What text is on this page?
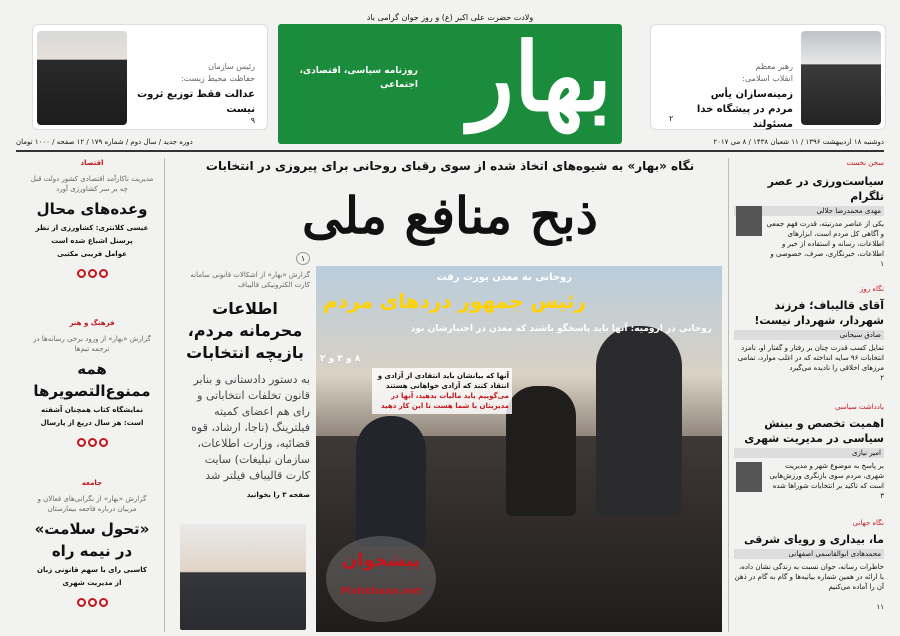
ولادت حضرت علی اکبر (ع) و روز جوان گرامی باد
بهار
روزنامه سیاسی، اقتصادی، اجتماعی
رهبر معظم
انقلاب اسلامی:
زمینه‌سازان یأس مردم در پیشگاه خدا مسئولند
۲
رئیس سازمان
حفاظت محیط زیست:
عدالت فقط توزیع ثروت نیست
۹
دوشنبه ۱۸ اردیبهشت ۱۳۹۶ / ۱۱ شعبان ۱۴۳۸ / ۸ می ۲۰۱۷
دوره جدید / سال دوم / شماره ۱۷۹ / ۱۲ صفحه / ۱۰۰۰ تومان
نگاه «بهار» به شیوه‌های اتخاذ شده از سوی رقبای روحانی برای پیروزی در انتخابات
ذبح منافع ملی
روحانی به معدن یورت رفت
رئیس جمهور دردهای مردم
روحانی در ارومیه: آنها باید پاسخگو باشند که معدن در اختیارشان بود
آنها که بیانشان باید انتقادی از آزادی و
انتقاد کنند که آزادی خواهانی هستند
می‌گوییم باید مالیات بدهید، آنها در
مدیریتان با شما هست تا این کار دهید
۸ و ۳ و ۲
پیشخوان
Pishkhaan.net
۱
گزارش «بهار» از اشکالات قانونی سامانه کارت الکترونیکی قالیباف
اطلاعات محرمانه مردم، بازیچه انتخابات
به دستور دادستانی و بنابر قانون تخلفات انتخاباتی و رای هم اعضای کمیته فیلترینگ (ناجا، ارشاد، قوه قضائیه، وزارت اطلاعات، سازمان تبلیغات) سایت کارت قالیباف فیلتر شد
صفحه ۳ را بخوانید
اقتصاد
مدیریت ناکارآمد اقتصادی کشور دولت قبل چه بر سر کشاورزی آورد
وعده‌های محال
عیسی کلانتری: کشاورزی از نظر
پرسنل اشباع شده است
عوامل فریبی مکتبی
فرهنگ و هنر
گزارش «بهار» از ورود برخی رسانه‌ها در ترجمه تیم‌ها
همه ممنوع‌التصویرها
نمایشگاه کتاب همچنان آشفته
است: هر سال دریغ از پارسال
جامعه
گزارش «بهار» از نگرانی‌های فعالان و مربیان درباره فاجعه بیمارستان
«تحول سلامت» در نیمه راه
کاسبی رای با سهم قانونی زبان
از مدیریت شهری
سخن نخست
سیاست‌ورزی در عصر تلگرام
مهدی محمدرضا جلالی
یکی از عناصر مدرنیته، قدرت فهم جمعی و آگاهی کل مردم است، ابزارهای اطلاعات، رسانه و استفاده از خبر و اطلاعات، خبرنگاری، صرف، خصوصی و
۱
نگاه روز
آقای قالیباف؛ فرزند شهردار، شهردار نیست!
صادق سبحانی
تمایل کسب قدرت چنان بر رفتار و گفتار او، نامزد انتخابات ۹۶ سایه انداخته که در اغلب موارد، تمامی مرزهای اخلاقی را نادیده می‌گیرد
۲
یادداشت سیاسی
اهمیت تخصص و بینش سیاسی در مدیریت شهری
امیر نیازی
بر پاسخ به موضوع شهر و مدیریت شهری، مردم سوی بازنگری ورزش‌هایی است که تاکید بر انتخابات شوراها شده
۳
نگاه جهانی
ما، بیداری و رویای شرقی
محمدهادی ابوالقاسمی اصفهانی
خاطرات رسانه، جوان نسبت به زندگی نشان داده، با ارائه در همین شماره بیانیه‌ها و گام به گام در ذهن آن را آماده می‌کنیم
۱۱
